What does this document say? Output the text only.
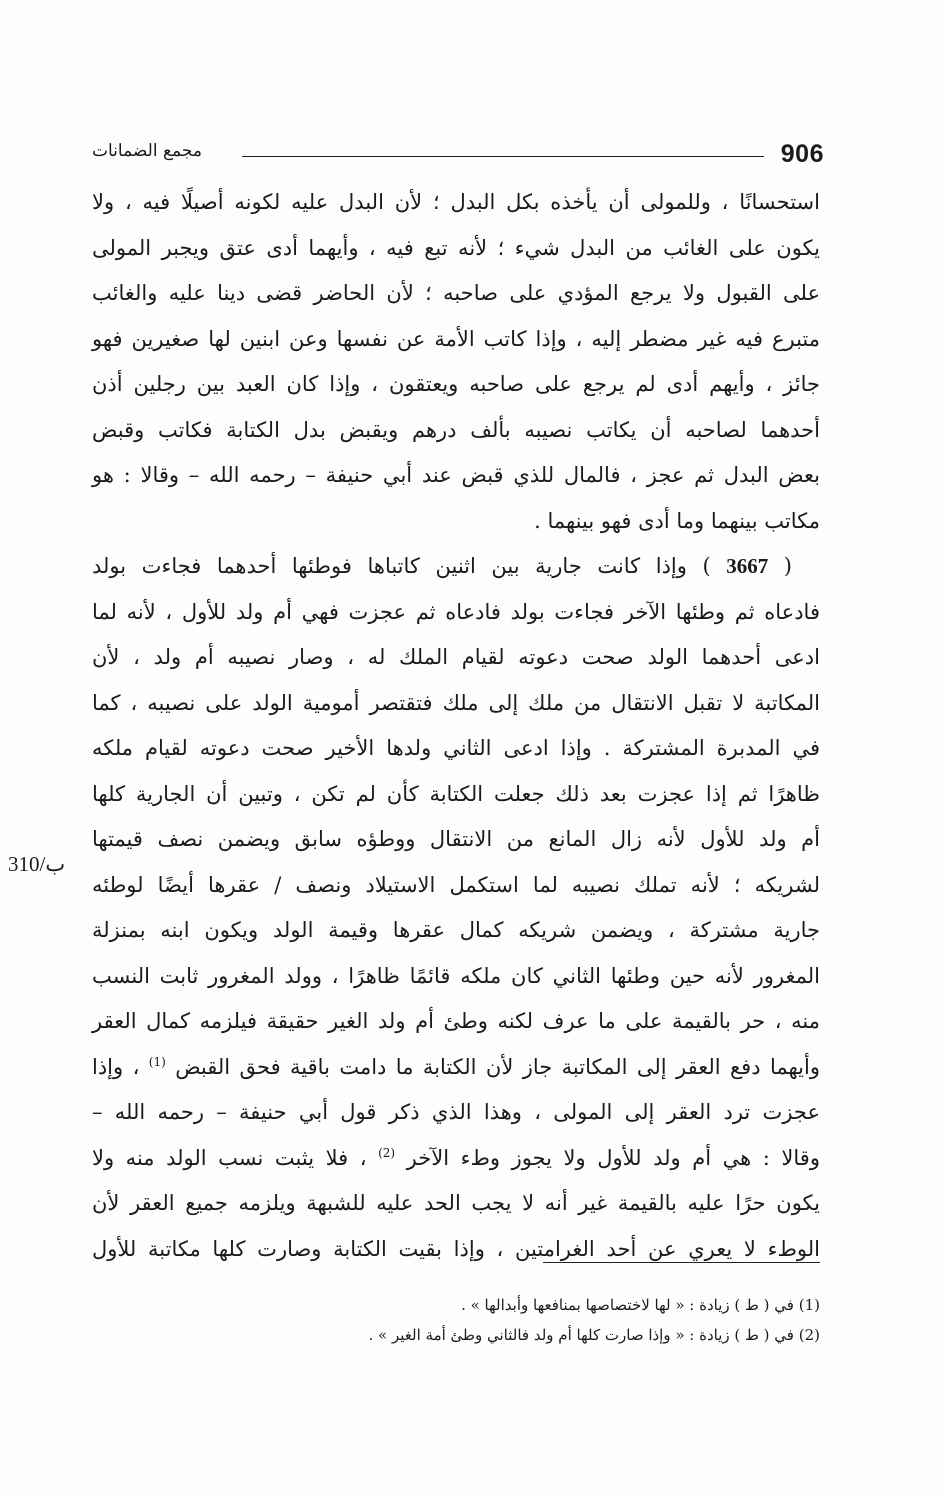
906
مجمع الضمانات
استحسانًا ، وللمولى أن يأخذه بكل البدل ؛ لأن البدل عليه لكونه أصيلًا فيه ، ولا
يكون على الغائب من البدل شيء ؛ لأنه تبع فيه ، وأيهما أدى عتق ويجبر المولى
على القبول ولا يرجع المؤدي على صاحبه ؛ لأن الحاضر قضى دينا عليه والغائب
متبرع فيه غير مضطر إليه ، وإذا كاتب الأمة عن نفسها وعن ابنين لها صغيرين فهو
جائز ، وأيهم أدى لم يرجع على صاحبه ويعتقون ، وإذا كان العبد بين رجلين أذن
أحدهما لصاحبه أن يكاتب نصيبه بألف درهم ويقبض بدل الكتابة فكاتب وقبض
بعض البدل ثم عجز ، فالمال للذي قبض عند أبي حنيفة – رحمه الله – وقالا : هو
مكاتب بينهما وما أدى فهو بينهما .
( 3667 ) وإذا كانت جارية بين اثنين كاتباها فوطئها أحدهما فجاءت بولد
فادعاه ثم وطئها الآخر فجاءت بولد فادعاه ثم عجزت فهي أم ولد للأول ، لأنه لما
ادعى أحدهما الولد صحت دعوته لقيام الملك له ، وصار نصيبه أم ولد ، لأن
المكاتبة لا تقبل الانتقال من ملك إلى ملك فتقتصر أمومية الولد على نصيبه ، كما
في المدبرة المشتركة . وإذا ادعى الثاني ولدها الأخير صحت دعوته لقيام ملكه
ظاهرًا ثم إذا عجزت بعد ذلك جعلت الكتابة كأن لم تكن ، وتبين أن الجارية كلها
أم ولد للأول لأنه زال المانع من الانتقال ووطؤه سابق ويضمن نصف قيمتها
لشريكه ؛ لأنه تملك نصيبه لما استكمل الاستيلاد ونصف / عقرها أيضًا لوطئه
جارية مشتركة ، ويضمن شريكه كمال عقرها وقيمة الولد ويكون ابنه بمنزلة
المغرور لأنه حين وطئها الثاني كان ملكه قائمًا ظاهرًا ، وولد المغرور ثابت النسب
منه ، حر بالقيمة على ما عرف لكنه وطئ أم ولد الغير حقيقة فيلزمه كمال العقر
وأيهما دفع العقر إلى المكاتبة جاز لأن الكتابة ما دامت باقية فحق القبض $^{(1)}$ ، وإذا
عجزت ترد العقر إلى المولى ، وهذا الذي ذكر قول أبي حنيفة – رحمه الله –
وقالا : هي أم ولد للأول ولا يجوز وطء الآخر $^{(2)}$ ، فلا يثبت نسب الولد منه ولا
يكون حرًا عليه بالقيمة غير أنه لا يجب الحد عليه للشبهة ويلزمه جميع العقر لأن
الوطء لا يعري عن أحد الغرامتين ، وإذا بقيت الكتابة وصارت كلها مكاتبة للأول
310/ب
(1) في ( ط ) زيادة : « لها لاختصاصها بمنافعها وأبدالها » .
(2) في ( ط ) زيادة : « وإذا صارت كلها أم ولد فالثاني وطئ أمة الغير » .
